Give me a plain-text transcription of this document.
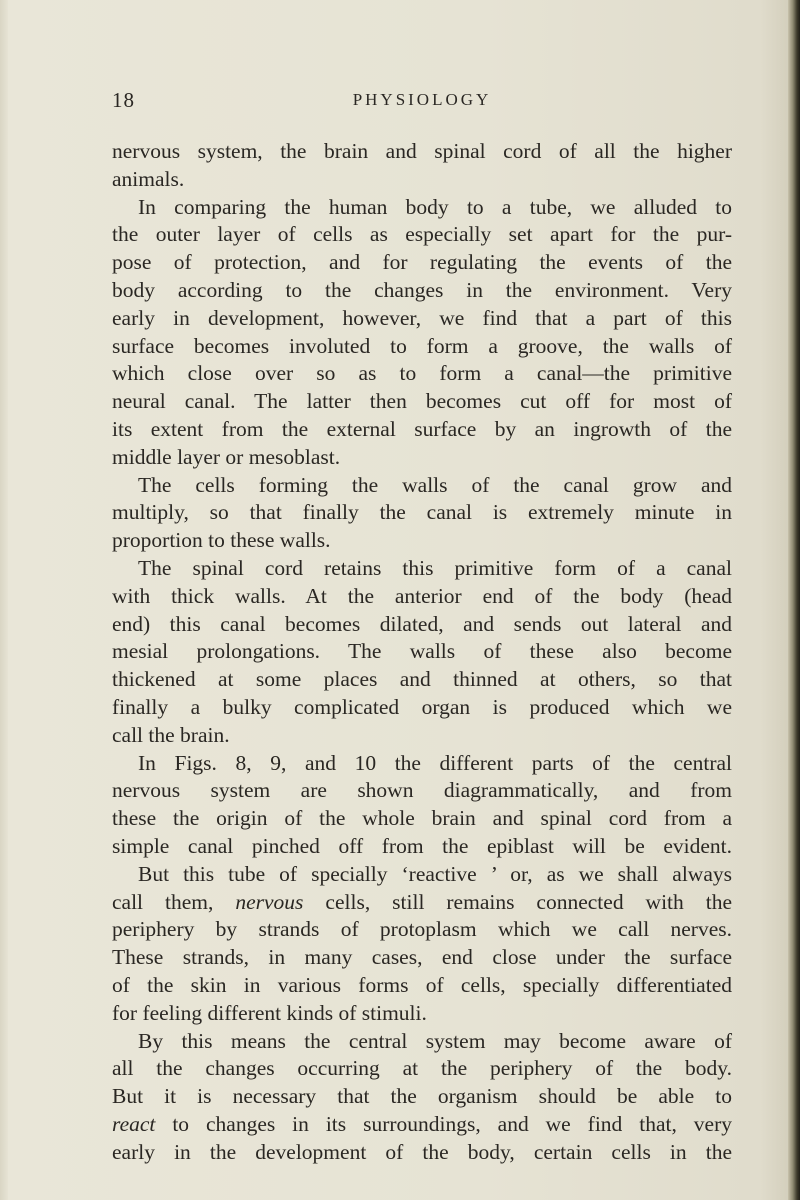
18	PHYSIOLOGY
nervous system, the brain and spinal cord of all the higher
animals.
In comparing the human body to a tube, we alluded to
the outer layer of cells as especially set apart for the pur-
pose of protection, and for regulating the events of the
body according to the changes in the environment. Very
early in development, however, we find that a part of this
surface becomes involuted to form a groove, the walls of
which close over so as to form a canal—the primitive
neural canal. The latter then becomes cut off for most of
its extent from the external surface by an ingrowth of the
middle layer or mesoblast.
The cells forming the walls of the canal grow and
multiply, so that finally the canal is extremely minute in
proportion to these walls.
The spinal cord retains this primitive form of a canal
with thick walls. At the anterior end of the body (head
end) this canal becomes dilated, and sends out lateral and
mesial prolongations. The walls of these also become
thickened at some places and thinned at others, so that
finally a bulky complicated organ is produced which we
call the brain.
In Figs. 8, 9, and 10 the different parts of the central
nervous system are shown diagrammatically, and from
these the origin of the whole brain and spinal cord from a
simple canal pinched off from the epiblast will be evident.
But this tube of specially ‘reactive ’ or, as we shall always
call them, nervous cells, still remains connected with the
periphery by strands of protoplasm which we call nerves.
These strands, in many cases, end close under the surface
of the skin in various forms of cells, specially differentiated
for feeling different kinds of stimuli.
By this means the central system may become aware of
all the changes occurring at the periphery of the body.
But it is necessary that the organism should be able to
react to changes in its surroundings, and we find that, very
early in the development of the body, certain cells in the
